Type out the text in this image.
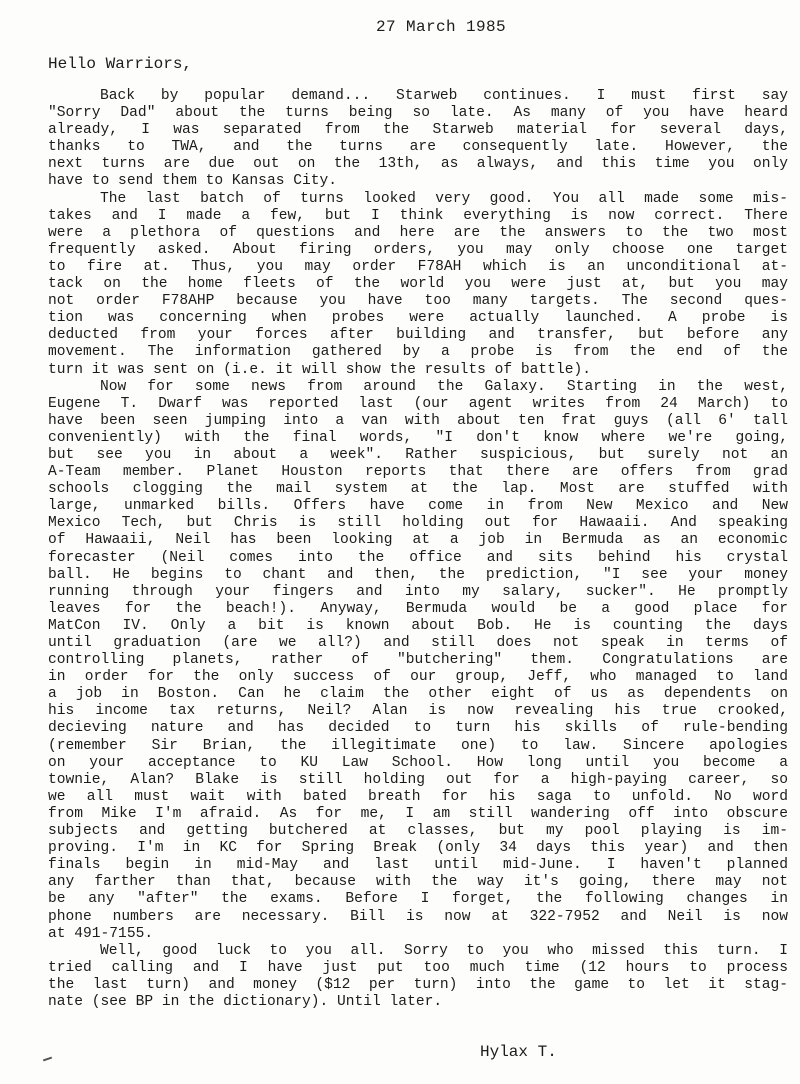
27 March 1985
Hello Warriors,
Back by popular demand... Starweb continues. I must first say
"Sorry Dad" about the turns being so late. As many of you have heard
already, I was separated from the Starweb material for several days,
thanks to TWA, and the turns are consequently late. However, the
next turns are due out on the 13th, as always, and this time you only
have to send them to Kansas City.
The last batch of turns looked very good. You all made some mis-
takes and I made a few, but I think everything is now correct. There
were a plethora of questions and here are the answers to the two most
frequently asked. About firing orders, you may only choose one target
to fire at. Thus, you may order F78AH which is an unconditional at-
tack on the home fleets of the world you were just at, but you may
not order F78AHP because you have too many targets. The second ques-
tion was concerning when probes were actually launched. A probe is
deducted from your forces after building and transfer, but before any
movement. The information gathered by a probe is from the end of the
turn it was sent on (i.e. it will show the results of battle).
Now for some news from around the Galaxy. Starting in the west,
Eugene T. Dwarf was reported last (our agent writes from 24 March) to
have been seen jumping into a van with about ten frat guys (all 6' tall
conveniently) with the final words, "I don't know where we're going,
but see you in about a week". Rather suspicious, but surely not an
A-Team member. Planet Houston reports that there are offers from grad
schools clogging the mail system at the lap. Most are stuffed with
large, unmarked bills. Offers have come in from New Mexico and New
Mexico Tech, but Chris is still holding out for Hawaaii. And speaking
of Hawaaii, Neil has been looking at a job in Bermuda as an economic
forecaster (Neil comes into the office and sits behind his crystal
ball. He begins to chant and then, the prediction, "I see your money
running through your fingers and into my salary, sucker". He promptly
leaves for the beach!). Anyway, Bermuda would be a good place for
MatCon IV. Only a bit is known about Bob. He is counting the days
until graduation (are we all?) and still does not speak in terms of
controlling planets, rather of "butchering" them. Congratulations are
in order for the only success of our group, Jeff, who managed to land
a job in Boston. Can he claim the other eight of us as dependents on
his income tax returns, Neil? Alan is now revealing his true crooked,
decieving nature and has decided to turn his skills of rule-bending
(remember Sir Brian, the illegitimate one) to law. Sincere apologies
on your acceptance to KU Law School. How long until you become a
townie, Alan? Blake is still holding out for a high-paying career, so
we all must wait with bated breath for his saga to unfold. No word
from Mike I'm afraid. As for me, I am still wandering off into obscure
subjects and getting butchered at classes, but my pool playing is im-
proving. I'm in KC for Spring Break (only 34 days this year) and then
finals begin in mid-May and last until mid-June. I haven't planned
any farther than that, because with the way it's going, there may not
be any "after" the exams. Before I forget, the following changes in
phone numbers are necessary. Bill is now at 322-7952 and Neil is now
at 491-7155.
Well, good luck to you all. Sorry to you who missed this turn. I
tried calling and I have just put too much time (12 hours to process
the last turn) and money ($12 per turn) into the game to let it stag-
nate (see BP in the dictionary). Until later.
Hylax T.
